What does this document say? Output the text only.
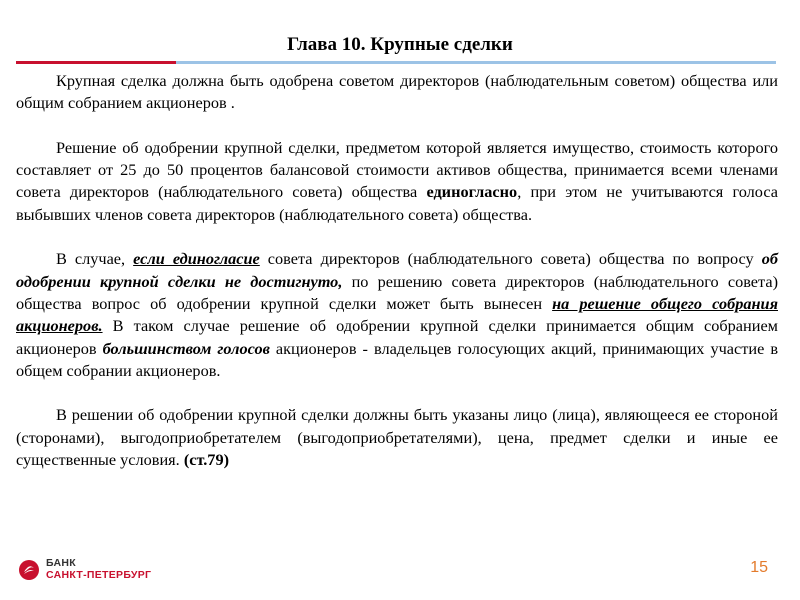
Глава 10. Крупные сделки

Крупная сделка должна быть одобрена советом директоров (наблюдательным советом) общества или общим собранием акционеров .

Решение об одобрении крупной сделки, предметом которой является имущество, стоимость которого составляет от 25 до 50 процентов балансовой стоимости активов общества, принимается всеми членами совета директоров (наблюдательного совета) общества единогласно, при этом не учитываются голоса выбывших членов совета директоров (наблюдательного совета) общества.

В случае, если единогласие совета директоров (наблюдательного совета) общества по вопросу об одобрении крупной сделки не достигнуто, по решению совета директоров (наблюдательного совета) общества вопрос об одобрении крупной сделки может быть вынесен на решение общего собрания акционеров. В таком случае решение об одобрении крупной сделки принимается общим собранием акционеров большинством голосов акционеров - владельцев голосующих акций, принимающих участие в общем собрании акционеров.

В решении об одобрении крупной сделки должны быть указаны лицо (лица), являющееся ее стороной (сторонами), выгодоприобретателем (выгодоприобретателями), цена, предмет сделки и иные ее существенные условия. (ст.79)

БАНК
САНКТ-ПЕТЕРБУРГ	15
